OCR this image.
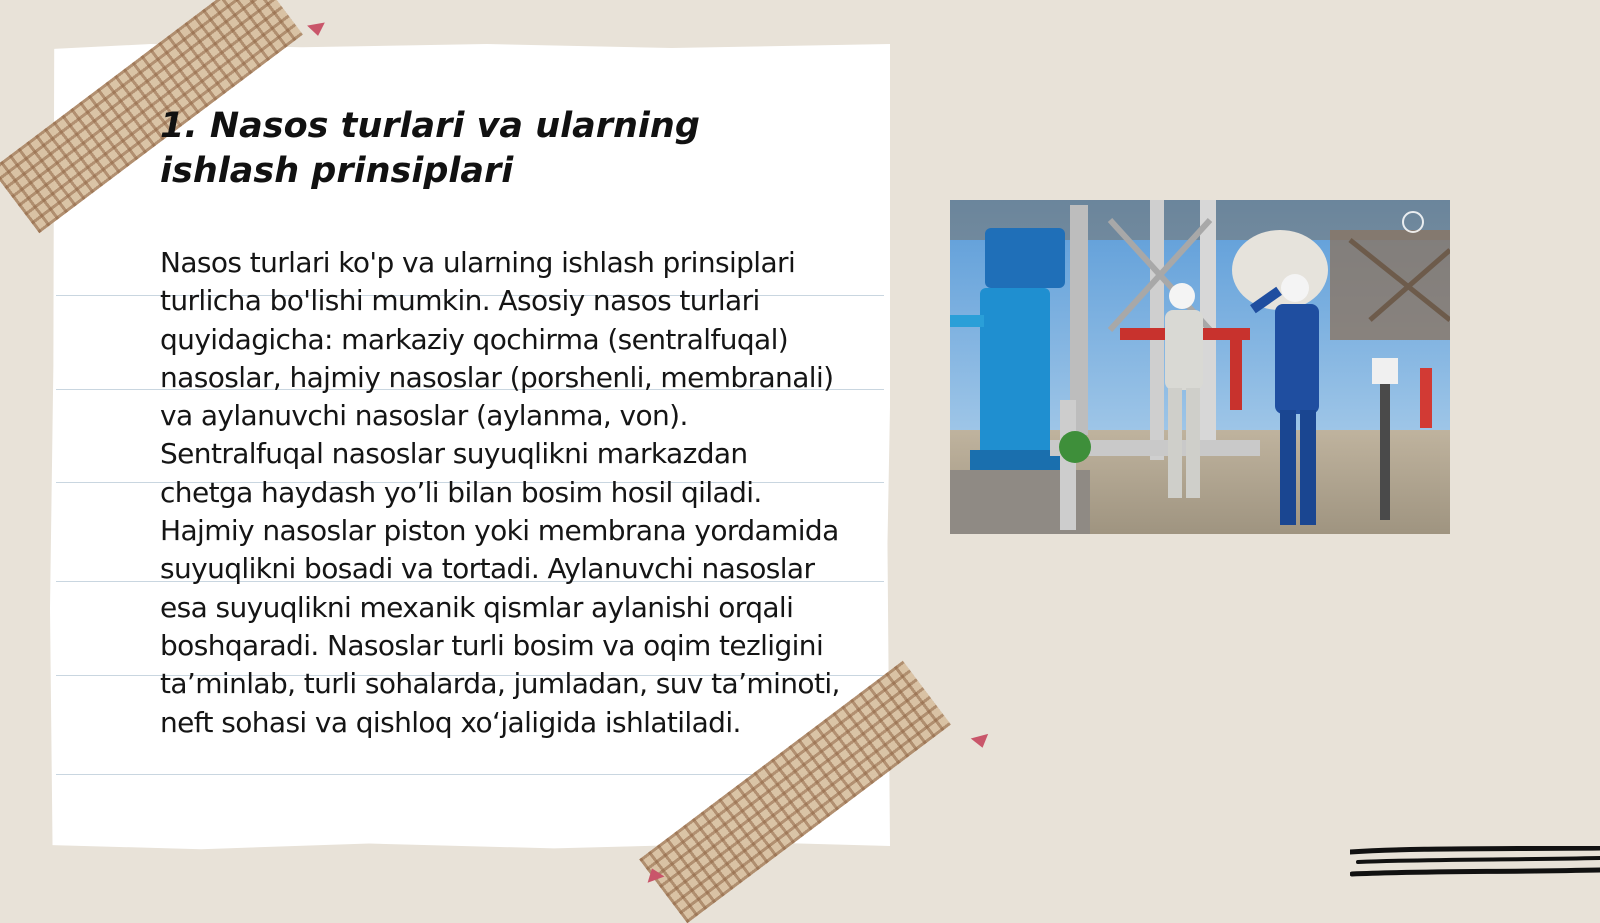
1. Nasos turlari va ularning ishlash prinsiplari

Nasos turlari ko'p va ularning ishlash prinsiplari turlicha bo'lishi mumkin. Asosiy nasos turlari quyidagicha: markaziy qochirma (sentralfuqal) nasoslar, hajmiy nasoslar (porshenli, membranali) va aylanuvchi nasoslar (aylanma, von). Sentralfuqal nasoslar suyuqlikni markazdan chetga haydash yo’li bilan bosim hosil qiladi. Hajmiy nasoslar piston yoki membrana yordamida suyuqlikni bosadi va tortadi. Aylanuvchi nasoslar esa suyuqlikni mexanik qismlar aylanishi orqali boshqaradi. Nasoslar turli bosim va oqim tezligini ta’minlab, turli sohalarda, jumladan, suv ta’minoti, neft sohasi va qishloq xo‘jaligida ishlatiladi.
